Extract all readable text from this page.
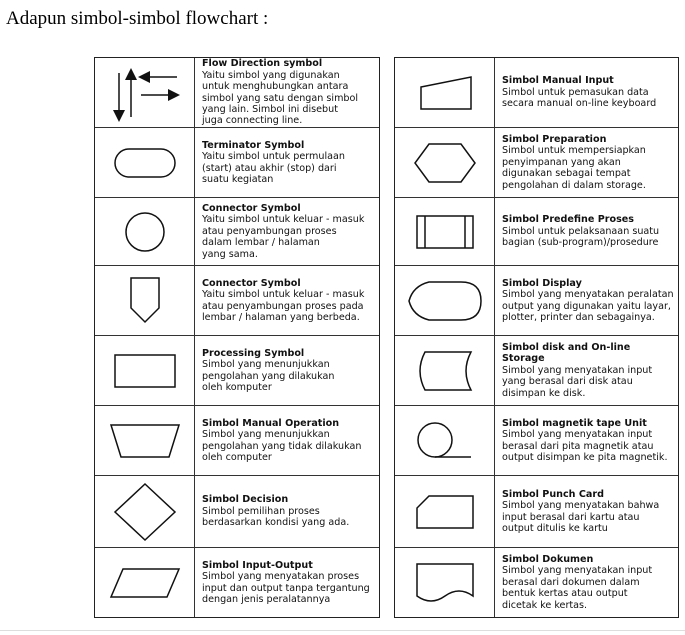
Adapun simbol-simbol flowchart :
Flow Direction symbol
Yaitu simbol yang digunakan
untuk menghubungkan antara
simbol yang satu dengan simbol
yang lain. Simbol ini disebut
juga connecting line.
Terminator Symbol
Yaitu simbol untuk permulaan
(start) atau akhir (stop) dari
suatu kegiatan
Connector Symbol
Yaitu simbol untuk keluar - masuk
atau penyambungan proses
dalam lembar / halaman
yang sama.
Connector Symbol
Yaitu simbol untuk keluar - masuk
atau penyambungan proses pada
lembar / halaman yang berbeda.
Processing Symbol
Simbol yang menunjukkan
pengolahan yang dilakukan
oleh komputer
Simbol Manual Operation
Simbol yang menunjukkan
pengolahan yang tidak dilakukan
oleh computer
Simbol Decision
Simbol pemilihan proses
berdasarkan kondisi yang ada.
Simbol Input-Output
Simbol yang menyatakan proses
input dan output tanpa tergantung
dengan jenis peralatannya
Simbol Manual Input
Simbol untuk pemasukan data
secara manual on-line keyboard
Simbol Preparation
Simbol untuk mempersiapkan
penyimpanan yang akan
digunakan sebagai tempat
pengolahan di dalam storage.
Simbol Predefine Proses
Simbol untuk pelaksanaan suatu
bagian (sub-program)/prosedure
Simbol Display
Simbol yang menyatakan peralatan
output yang digunakan yaitu layar,
plotter, printer dan sebagainya.
Simbol disk and On-line Storage
Simbol yang menyatakan input
yang berasal dari disk atau
disimpan ke disk.
Simbol magnetik tape Unit
Simbol yang menyatakan input
berasal dari pita magnetik atau
output disimpan ke pita magnetik.
Simbol Punch Card
Simbol yang menyatakan bahwa
input berasal dari kartu atau
output ditulis ke kartu
Simbol Dokumen
Simbol yang menyatakan input
berasal dari dokumen dalam
bentuk kertas atau output
dicetak ke kertas.
